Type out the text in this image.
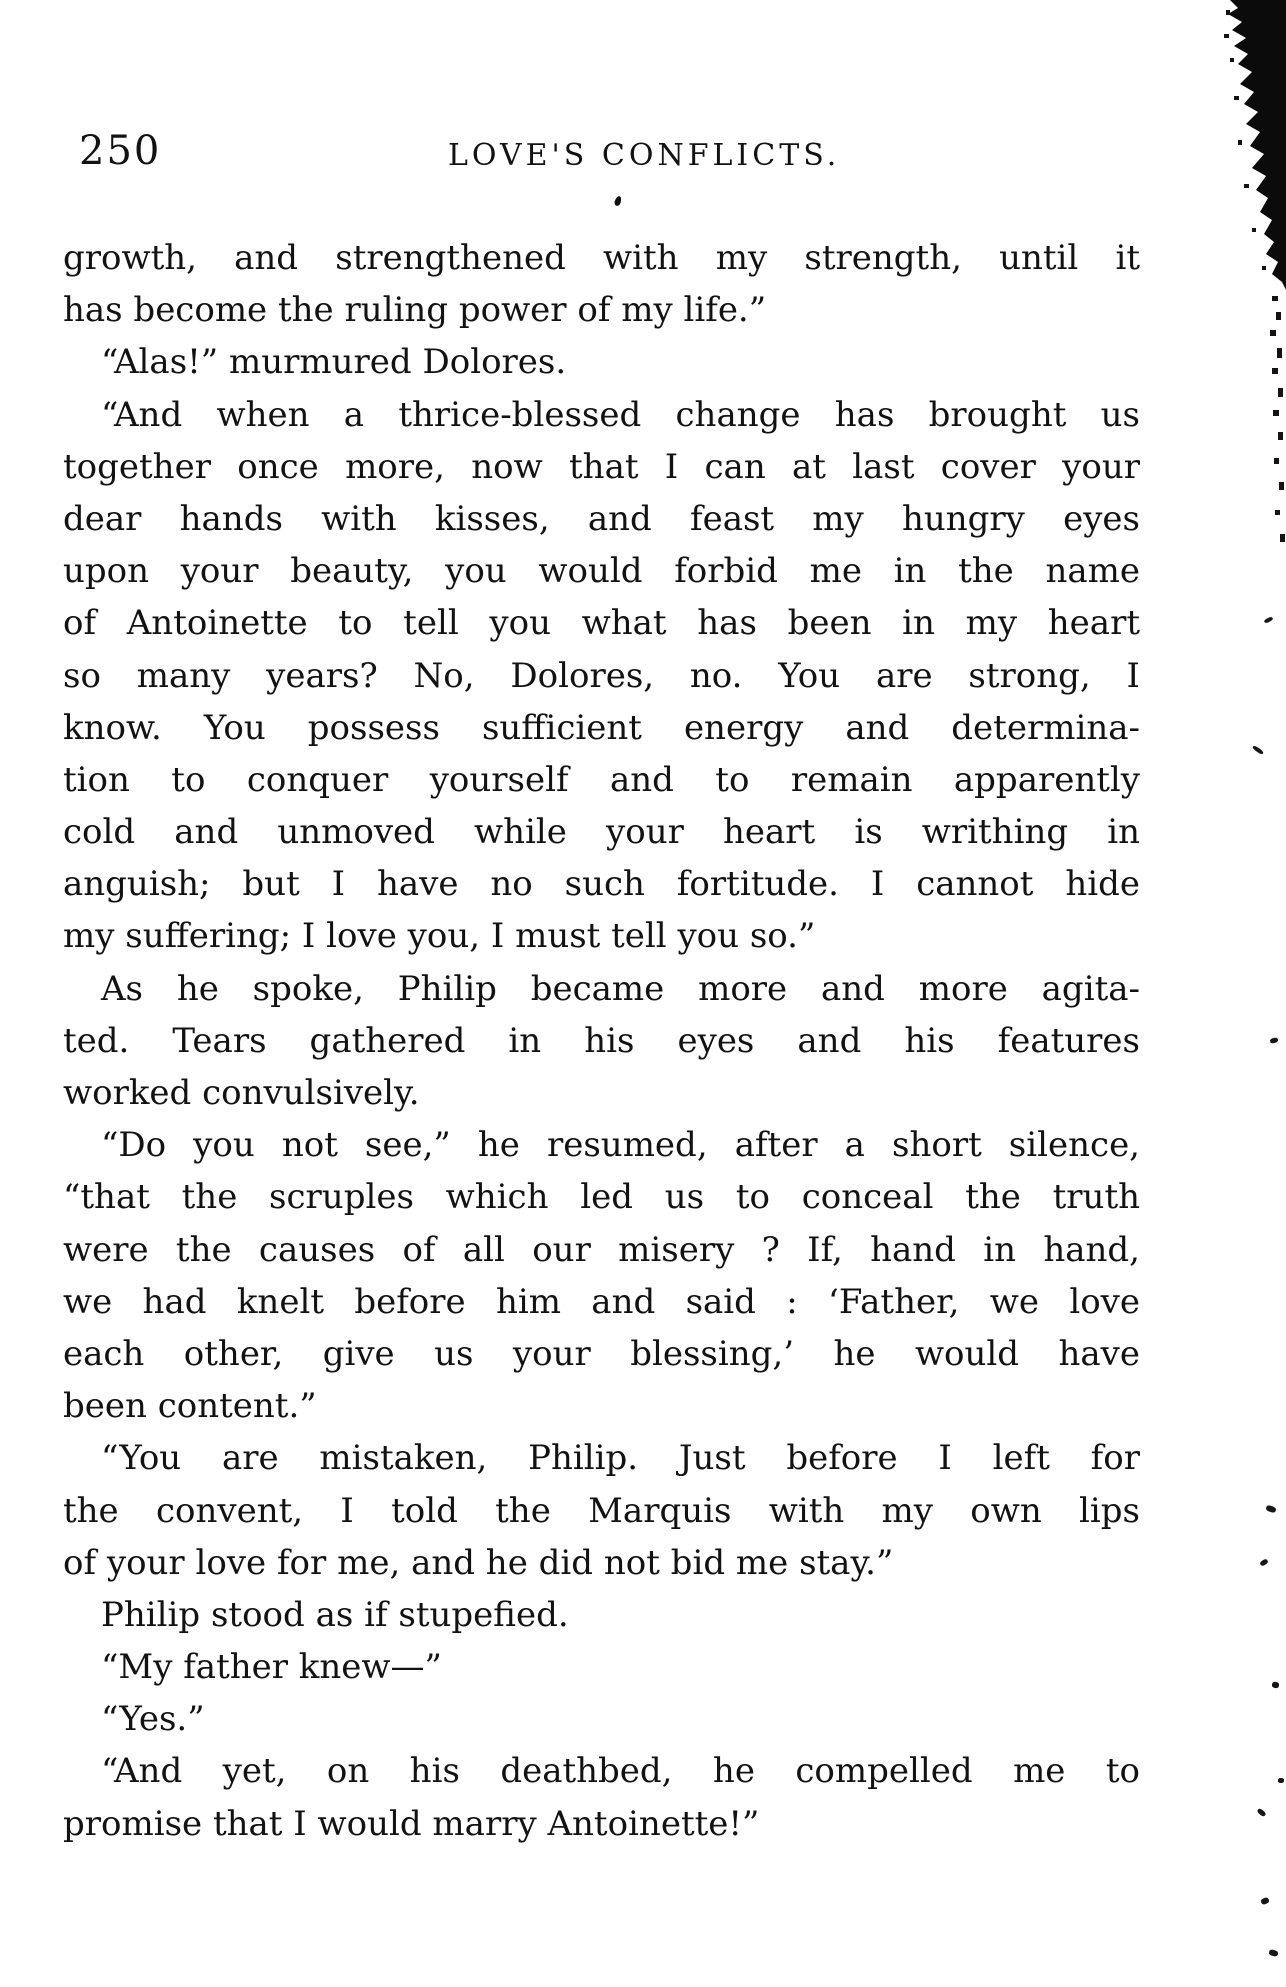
250	LOVE'S CONFLICTS.
growth, and strengthened with my strength, until it
has become the ruling power of my life.”
“Alas!” murmured Dolores.
“And when a thrice-blessed change has brought us
together once more, now that I can at last cover your
dear hands with kisses, and feast my hungry eyes
upon your beauty, you would forbid me in the name
of Antoinette to tell you what has been in my heart
so many years? No, Dolores, no. You are strong, I
know. You possess sufficient energy and determina-
tion to conquer yourself and to remain apparently
cold and unmoved while your heart is writhing in
anguish; but I have no such fortitude. I cannot hide
my suffering; I love you, I must tell you so.”
As he spoke, Philip became more and more agita-
ted. Tears gathered in his eyes and his features
worked convulsively.
“Do you not see,” he resumed, after a short silence,
“that the scruples which led us to conceal the truth
were the causes of all our misery ? If, hand in hand,
we had knelt before him and said : ‘Father, we love
each other, give us your blessing,’ he would have
been content.”
“You are mistaken, Philip. Just before I left for
the convent, I told the Marquis with my own lips
of your love for me, and he did not bid me stay.”
Philip stood as if stupefied.
“My father knew—”
“Yes.”
“And yet, on his deathbed, he compelled me to
promise that I would marry Antoinette!”
